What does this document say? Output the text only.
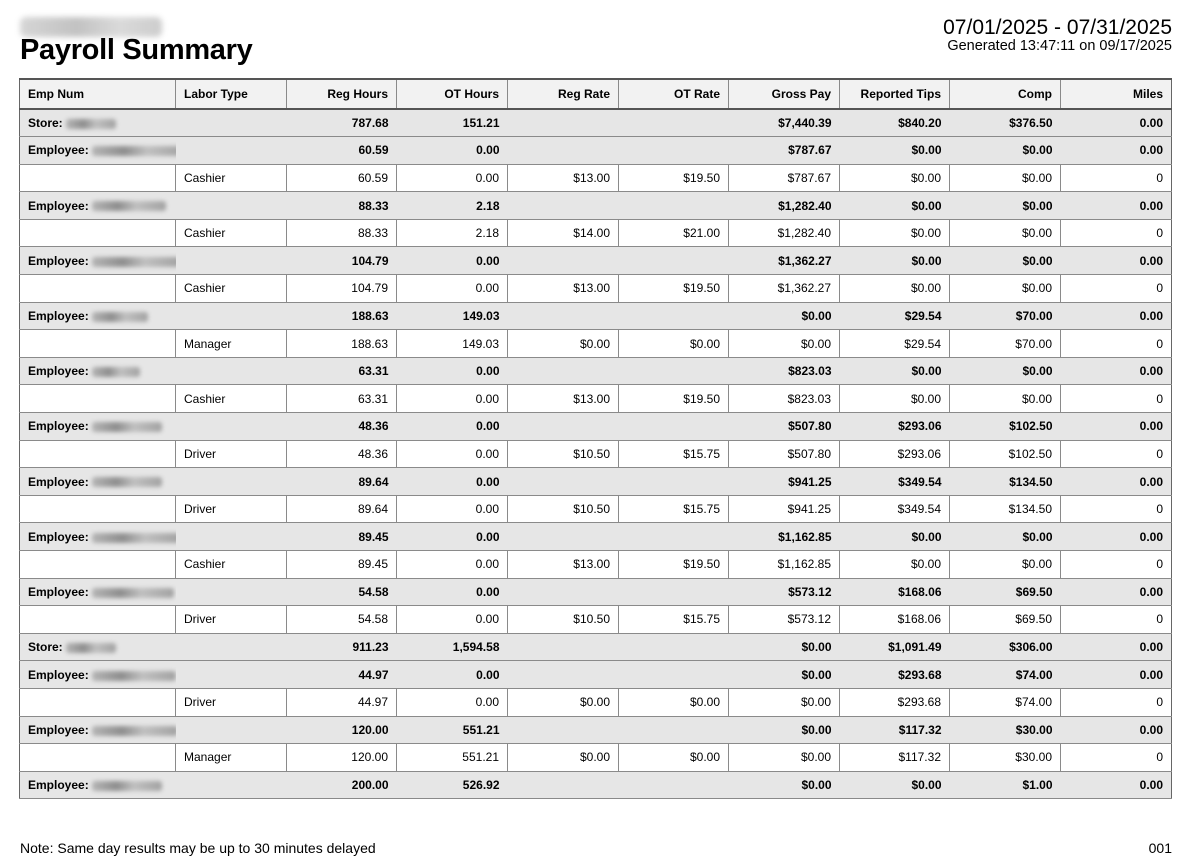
Payroll Summary
07/01/2025 - 07/31/2025
Generated 13:47:11 on 09/17/2025
Emp Num	Labor Type	Reg Hours	OT Hours	Reg Rate	OT Rate	Gross Pay	Reported Tips	Comp	Miles
Store:		787.68	151.21			$7,440.39	$840.20	$376.50	0.00
Employee:		60.59	0.00			$787.67	$0.00	$0.00	0.00
	Cashier	60.59	0.00	$13.00	$19.50	$787.67	$0.00	$0.00	0
Employee:		88.33	2.18			$1,282.40	$0.00	$0.00	0.00
	Cashier	88.33	2.18	$14.00	$21.00	$1,282.40	$0.00	$0.00	0
Employee:		104.79	0.00			$1,362.27	$0.00	$0.00	0.00
	Cashier	104.79	0.00	$13.00	$19.50	$1,362.27	$0.00	$0.00	0
Employee:		188.63	149.03			$0.00	$29.54	$70.00	0.00
	Manager	188.63	149.03	$0.00	$0.00	$0.00	$29.54	$70.00	0
Employee:		63.31	0.00			$823.03	$0.00	$0.00	0.00
	Cashier	63.31	0.00	$13.00	$19.50	$823.03	$0.00	$0.00	0
Employee:		48.36	0.00			$507.80	$293.06	$102.50	0.00
	Driver	48.36	0.00	$10.50	$15.75	$507.80	$293.06	$102.50	0
Employee:		89.64	0.00			$941.25	$349.54	$134.50	0.00
	Driver	89.64	0.00	$10.50	$15.75	$941.25	$349.54	$134.50	0
Employee:		89.45	0.00			$1,162.85	$0.00	$0.00	0.00
	Cashier	89.45	0.00	$13.00	$19.50	$1,162.85	$0.00	$0.00	0
Employee:		54.58	0.00			$573.12	$168.06	$69.50	0.00
	Driver	54.58	0.00	$10.50	$15.75	$573.12	$168.06	$69.50	0
Store:		911.23	1,594.58			$0.00	$1,091.49	$306.00	0.00
Employee:		44.97	0.00			$0.00	$293.68	$74.00	0.00
	Driver	44.97	0.00	$0.00	$0.00	$0.00	$293.68	$74.00	0
Employee:		120.00	551.21			$0.00	$117.32	$30.00	0.00
	Manager	120.00	551.21	$0.00	$0.00	$0.00	$117.32	$30.00	0
Employee:		200.00	526.92			$0.00	$0.00	$1.00	0.00
Note: Same day results may be up to 30 minutes delayed	001
